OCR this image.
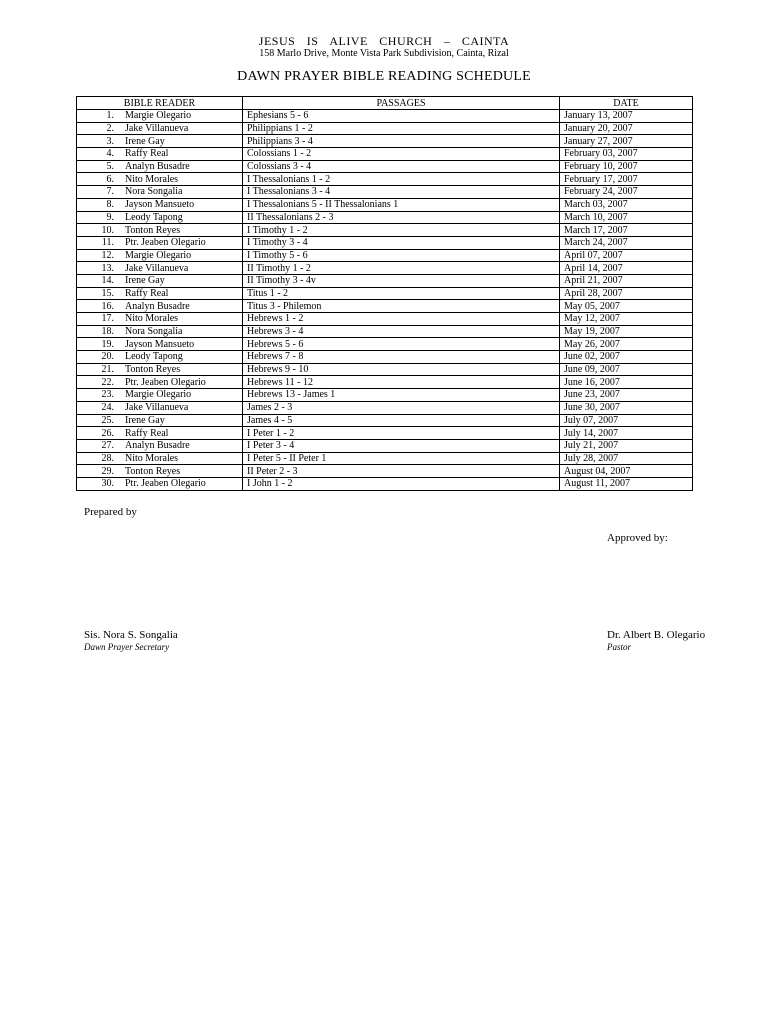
JESUS IS ALIVE CHURCH – CAINTA
158 Marlo Drive, Monte Vista Park Subdivision, Cainta, Rizal
DAWN PRAYER BIBLE READING SCHEDULE
BIBLE READER	PASSAGES	DATE
1. Margie Olegario	Ephesians 5 - 6	January 13, 2007
2. Jake Villanueva	Philippians 1 - 2	January 20, 2007
3. Irene Gay	Philippians 3 - 4	January 27, 2007
4. Raffy Real	Colossians 1 - 2	February 03, 2007
5. Analyn Busadre	Colossians 3 - 4	February 10, 2007
6. Nito Morales	I Thessalonians 1 - 2	February 17, 2007
7. Nora Songalia	I Thessalonians 3 - 4	February 24, 2007
8. Jayson Mansueto	I Thessalonians 5 - II Thessalonians 1	March 03, 2007
9. Leody Tapong	II Thessalonians 2 - 3	March 10, 2007
10. Tonton Reyes	I Timothy 1 - 2	March 17, 2007
11. Ptr. Jeaben Olegario	I Timothy 3 - 4	March 24, 2007
12. Margie Olegario	I Timothy 5 - 6	April 07, 2007
13. Jake Villanueva	II Timothy 1 - 2	April 14, 2007
14. Irene Gay	II Timothy 3 - 4v	April 21, 2007
15. Raffy Real	Titus 1 - 2	April 28, 2007
16. Analyn Busadre	Titus 3 - Philemon	May 05, 2007
17. Nito Morales	Hebrews 1 - 2	May 12, 2007
18. Nora Songalia	Hebrews 3 - 4	May 19, 2007
19. Jayson Mansueto	Hebrews 5 - 6	May 26, 2007
20. Leody Tapong	Hebrews 7 - 8	June 02, 2007
21. Tonton Reyes	Hebrews 9 - 10	June 09, 2007
22. Ptr. Jeaben Olegario	Hebrews 11 - 12	June 16, 2007
23. Margie Olegario	Hebrews 13 - James 1	June 23, 2007
24. Jake Villanueva	James 2 - 3	June 30, 2007
25. Irene Gay	James 4 - 5	July 07, 2007
26. Raffy Real	I Peter 1 - 2	July 14, 2007
27. Analyn Busadre	I Peter 3 - 4	July 21, 2007
28. Nito Morales	I Peter 5 - II Peter 1	July 28, 2007
29. Tonton Reyes	II Peter 2 - 3	August 04, 2007
30. Ptr. Jeaben Olegario	I John 1 - 2	August 11, 2007
Prepared by
Approved by:
Sis. Nora S. Songalia
Dawn Prayer Secretary
Dr. Albert B. Olegario
Pastor
